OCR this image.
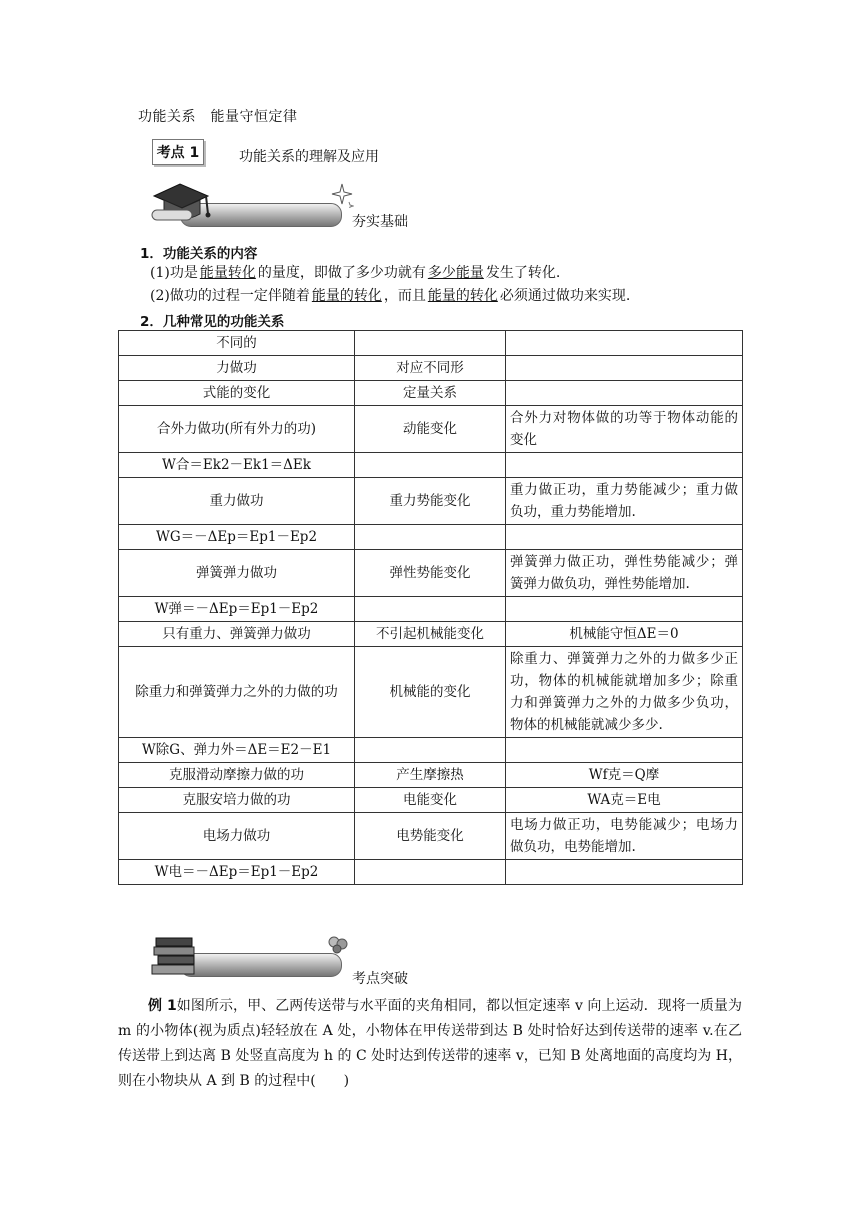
功能关系　能量守恒定律
考点 1	功能关系的理解及应用
夯实基础
1．功能关系的内容
(1)功是 能量转化 的量度，即做了多少功就有 多少能量 发生了转化.
(2)做功的过程一定伴随着 能量的转化 ，而且 能量的转化 必须通过做功来实现.
2．几种常见的功能关系
不同的		
力做功	对应不同形	
式能的变化	定量关系	
合外力做功(所有外力的功)	动能变化	合外力对物体做的功等于物体动能的变化
W合＝Ek2－Ek1＝ΔEk		
重力做功	重力势能变化	重力做正功，重力势能减少；重力做负功，重力势能增加.
WG＝－ΔEp＝Ep1－Ep2		
弹簧弹力做功	弹性势能变化	弹簧弹力做正功，弹性势能减少；弹簧弹力做负功，弹性势能增加.
W弹＝－ΔEp＝Ep1－Ep2		
只有重力、弹簧弹力做功	不引起机械能变化	机械能守恒ΔE＝0
除重力和弹簧弹力之外的力做的功	机械能的变化	除重力、弹簧弹力之外的力做多少正功，物体的机械能就增加多少；除重力和弹簧弹力之外的力做多少负功，物体的机械能就减少多少.
W除G、弹力外＝ΔE＝E2－E1		
克服滑动摩擦力做的功	产生摩擦热	Wf克＝Q摩
克服安培力做的功	电能变化	WA克＝E电
电场力做功	电势能变化	电场力做正功，电势能减少；电场力做负功，电势能增加.
W电＝－ΔEp＝Ep1－Ep2		
考点突破
例 1如图所示，甲、乙两传送带与水平面的夹角相同，都以恒定速率 v 向上运动．现将一质量为 m 的小物体(视为质点)轻轻放在 A 处，小物体在甲传送带到达 B 处时恰好达到传送带的速率 v.在乙传送带上到达离 B 处竖直高度为 h 的 C 处时达到传送带的速率 v，已知 B 处离地面的高度均为 H，则在小物块从 A 到 B 的过程中(　　)
